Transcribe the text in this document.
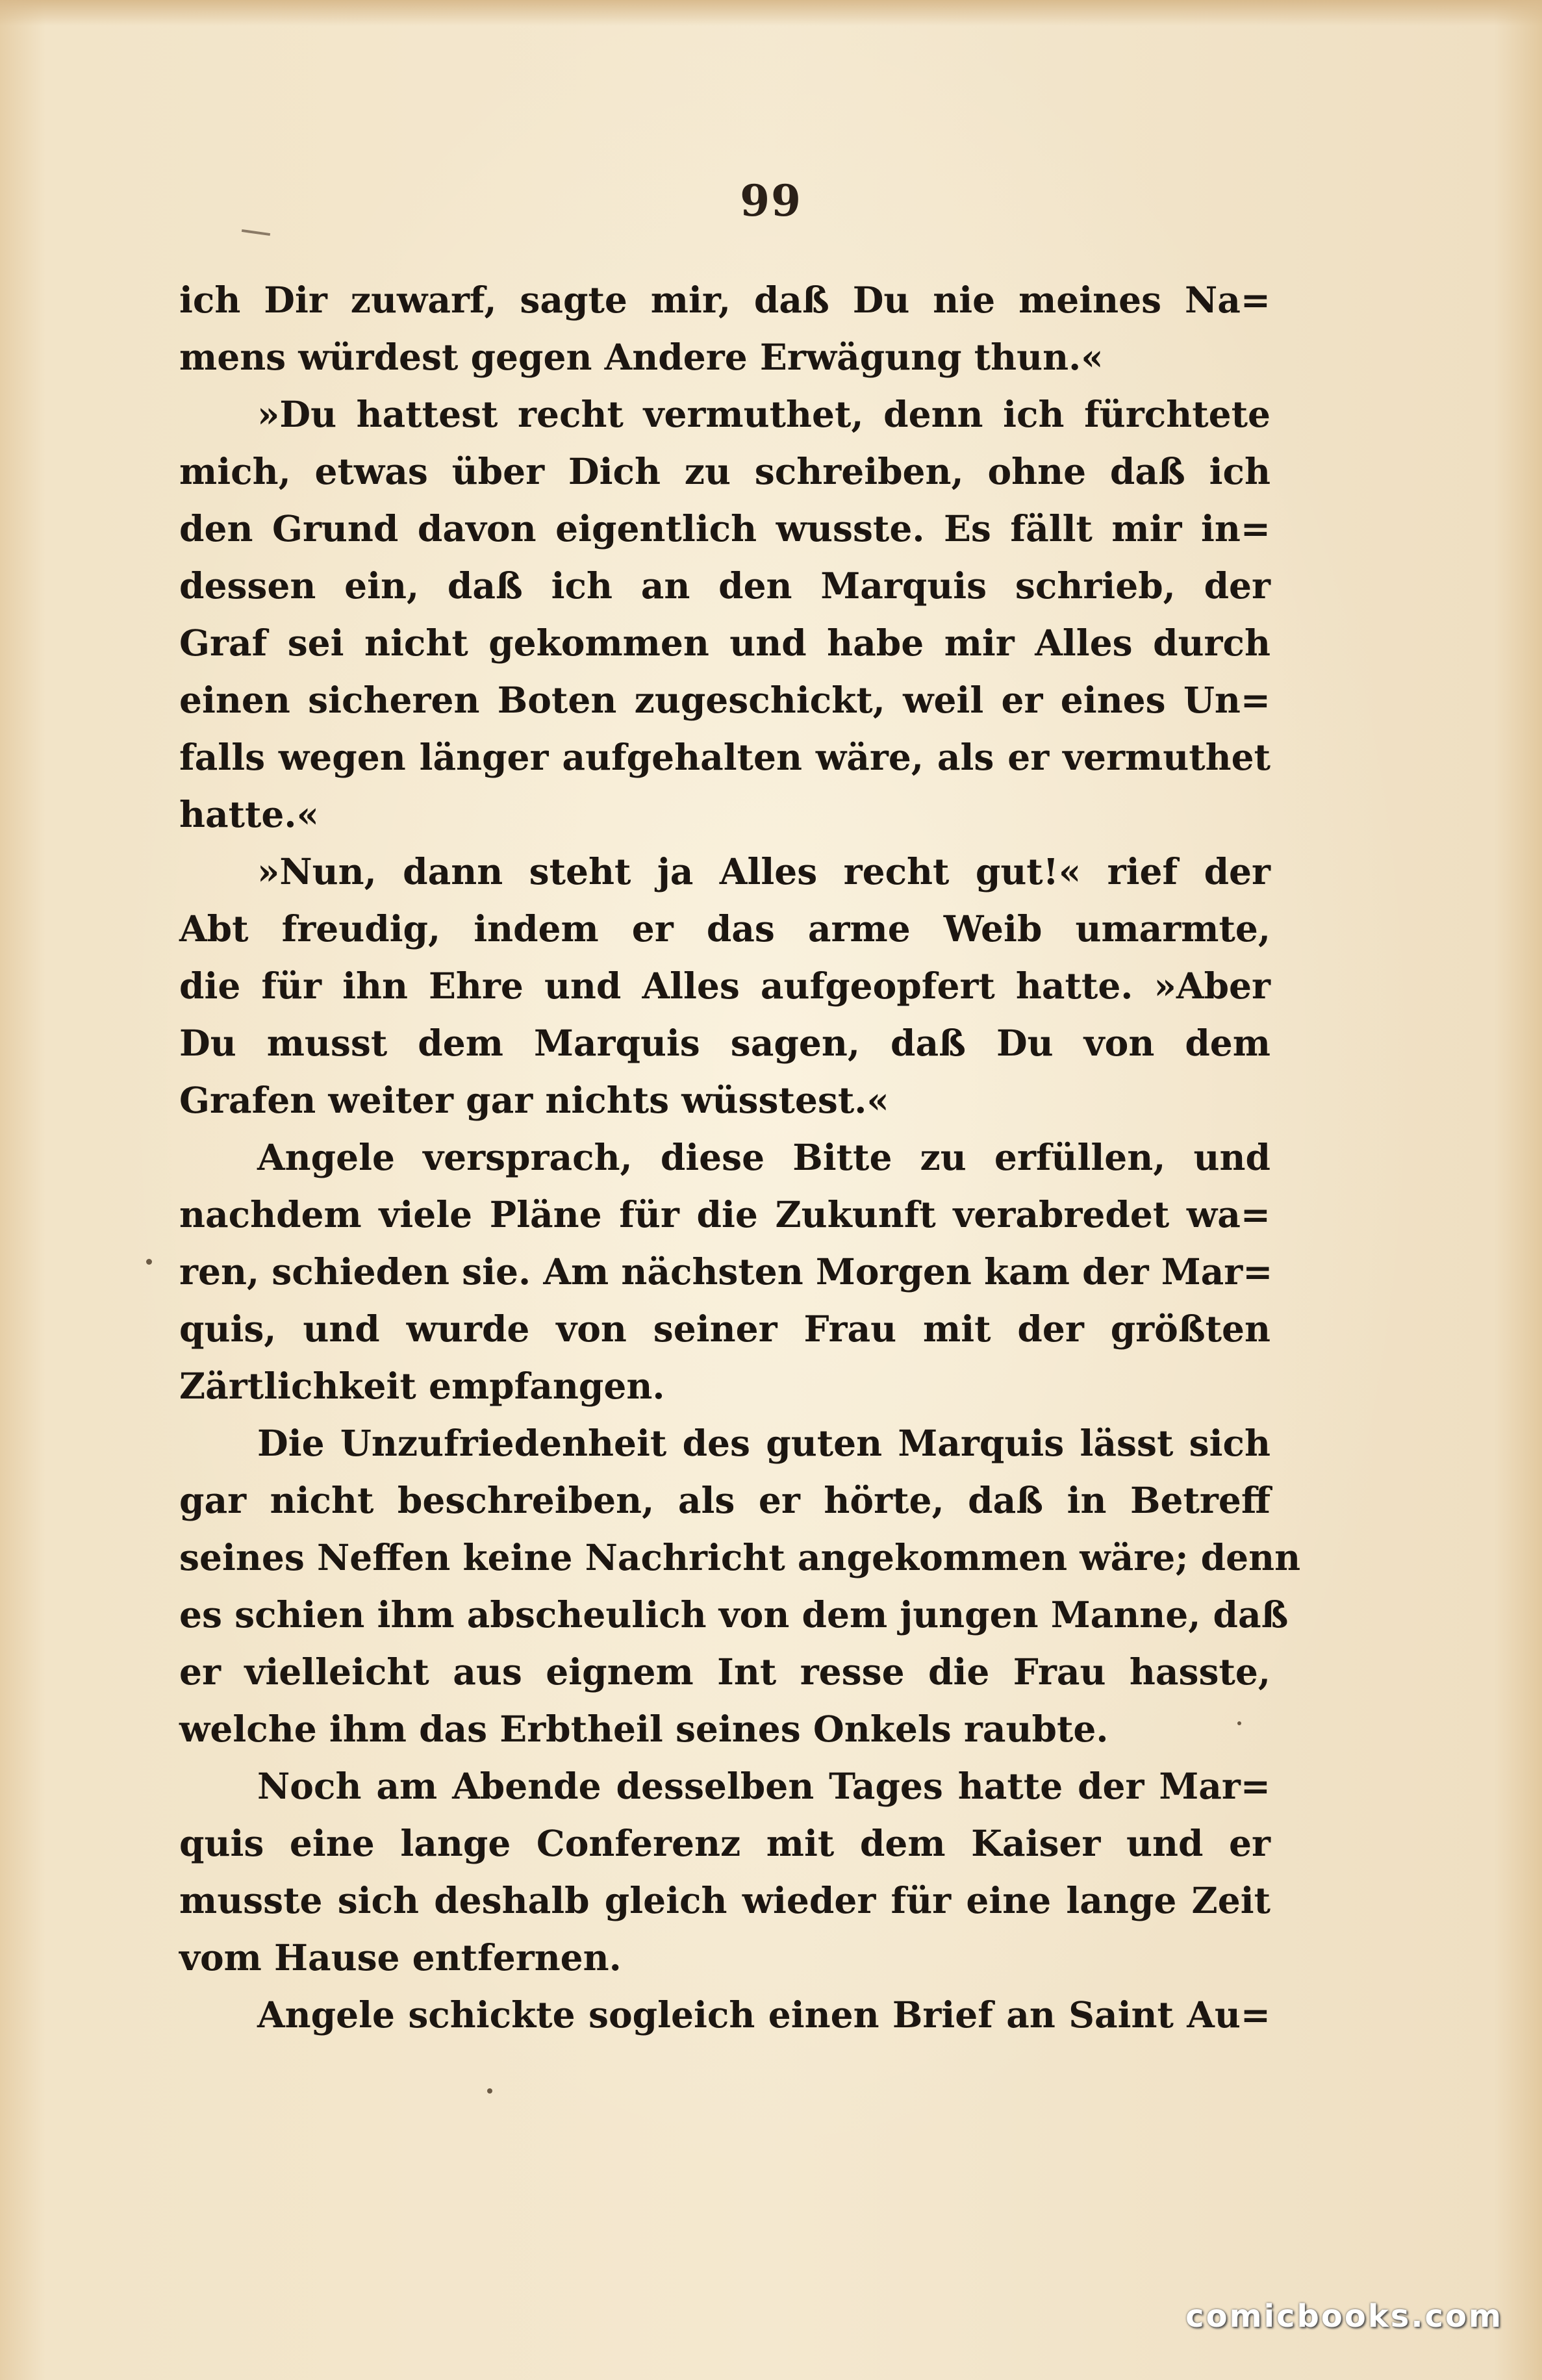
99
ich Dir zuwarf, sagte mir, daß Du nie meines Na=
mens würdest gegen Andere Erwägung thun.«
»Du hattest recht vermuthet, denn ich fürchtete
mich, etwas über Dich zu schreiben, ohne daß ich
den Grund davon eigentlich wusste. Es fällt mir in=
dessen ein, daß ich an den Marquis schrieb, der
Graf sei nicht gekommen und habe mir Alles durch
einen sicheren Boten zugeschickt, weil er eines Un=
falls wegen länger aufgehalten wäre, als er vermuthet
hatte.«
»Nun, dann steht ja Alles recht gut!« rief der
Abt freudig, indem er das arme Weib umarmte,
die für ihn Ehre und Alles aufgeopfert hatte. »Aber
Du musst dem Marquis sagen, daß Du von dem
Grafen weiter gar nichts wüsstest.«
Angele versprach, diese Bitte zu erfüllen, und
nachdem viele Pläne für die Zukunft verabredet wa=
ren, schieden sie. Am nächsten Morgen kam der Mar=
quis, und wurde von seiner Frau mit der größten
Zärtlichkeit empfangen.
Die Unzufriedenheit des guten Marquis lässt sich
gar nicht beschreiben, als er hörte, daß in Betreff
seines Neffen keine Nachricht angekommen wäre; denn
es schien ihm abscheulich von dem jungen Manne, daß
er vielleicht aus eignem Int resse die Frau hasste,
welche ihm das Erbtheil seines Onkels raubte.
Noch am Abende desselben Tages hatte der Mar=
quis eine lange Conferenz mit dem Kaiser und er
musste sich deshalb gleich wieder für eine lange Zeit
vom Hause entfernen.
Angele schickte sogleich einen Brief an Saint Au=
comicbooks.com
